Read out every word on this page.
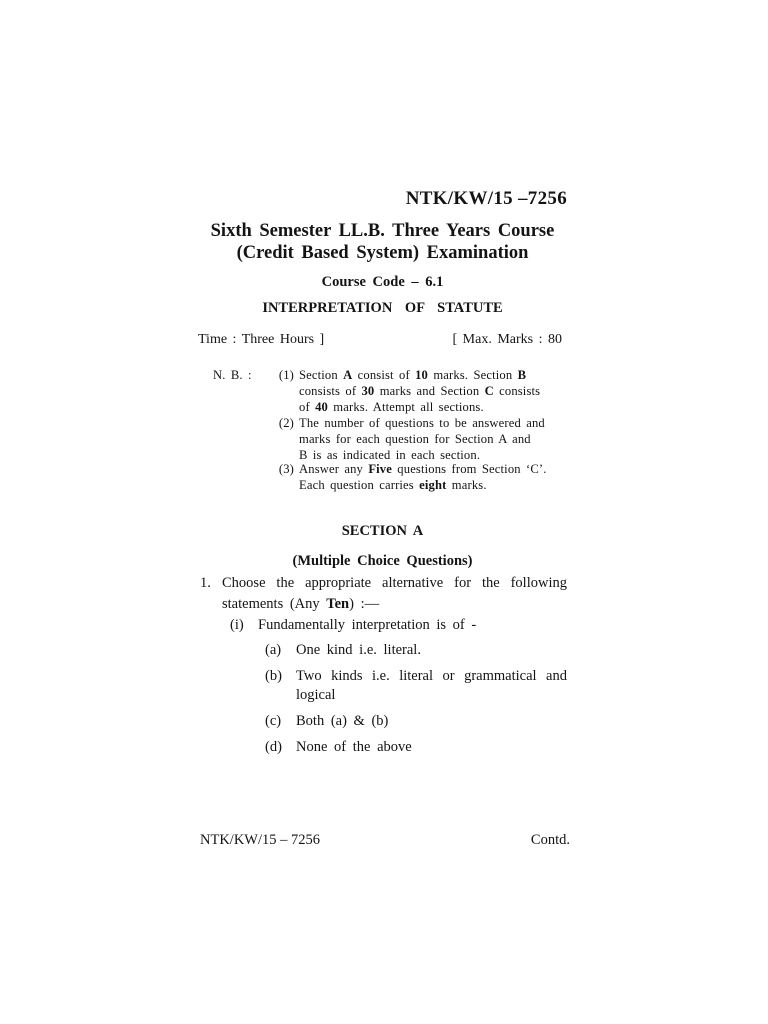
NTK/KW/15 –7256
Sixth Semester LL.B. Three Years Course
(Credit Based System) Examination
Course Code – 6.1
INTERPRETATION OF STATUTE
Time : Three Hours ]	[ Max. Marks : 80
N. B. :	(1) Section A consist of 10 marks. Section B
consists of 30 marks and Section C consists
of 40 marks. Attempt all sections.
(2) The number of questions to be answered and
marks for each question for Section A and
B is as indicated in each section.
(3) Answer any Five questions from Section ‘C’.
Each question carries eight marks.
SECTION A
(Multiple Choice Questions)
1. Choose the appropriate alternative for the following
statements (Any Ten) :—
(i) Fundamentally interpretation is of -
(a) One kind i.e. literal.
(b) Two kinds i.e. literal or grammatical and
logical
(c) Both (a) & (b)
(d) None of the above
NTK/KW/15 – 7256	Contd.
